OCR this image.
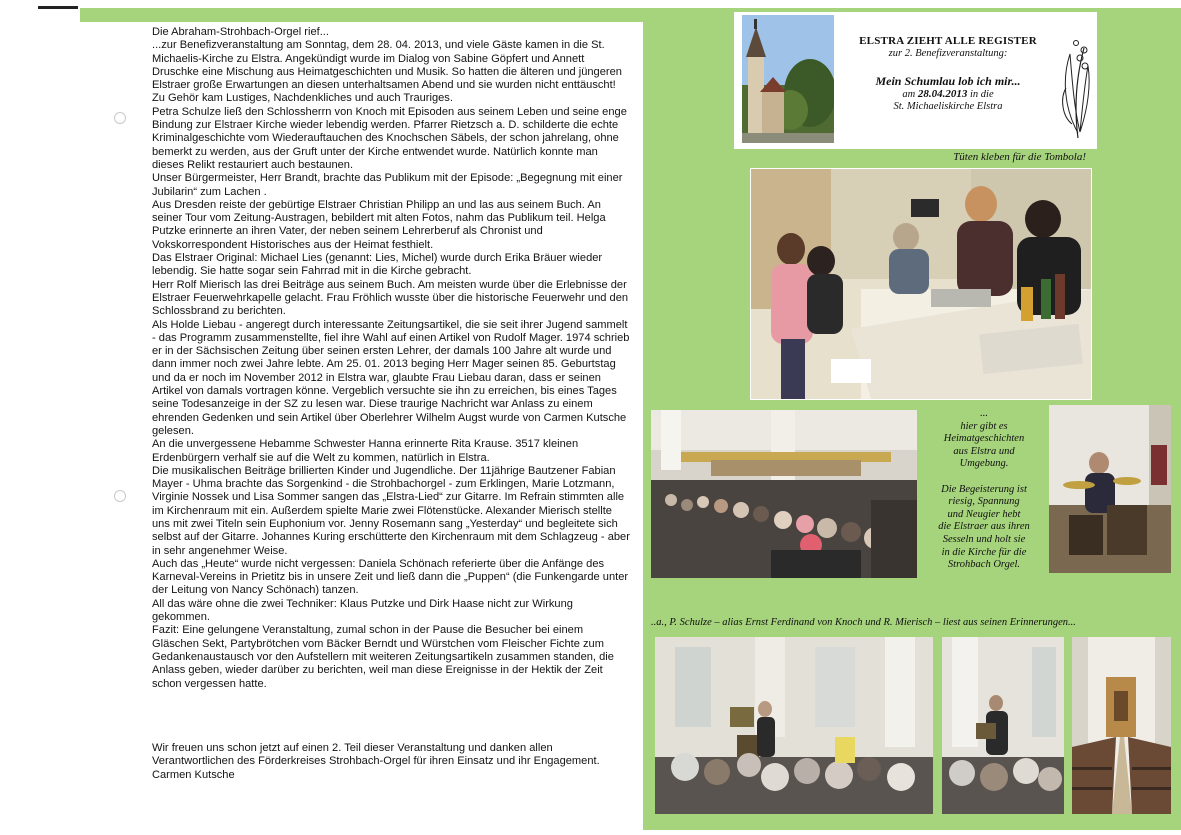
Die Abraham-Strohbach-Orgel rief...

...zur Benefizveranstaltung am Sonntag, dem 28. 04. 2013, und viele Gäste kamen in die St. Michaelis-Kirche zu Elstra. Angekündigt wurde im Dialog von Sabine Göpfert und Annett Druschke eine Mischung aus Heimatgeschichten und Musik. So hatten die älteren und jüngeren Elstraer große Erwartungen an diesen unterhaltsamen Abend und sie wurden nicht enttäuscht!

Zu Gehör kam Lustiges, Nachdenkliches und auch Trauriges.

Petra Schulze ließ den Schlossherrn von Knoch mit Episoden aus seinem Leben und seine enge Bindung zur Elstraer Kirche wieder lebendig werden. Pfarrer Rietzsch a. D. schilderte die echte Kriminalgeschichte vom Wiederauftauchen des Knochschen Säbels, der schon jahrelang, ohne bemerkt zu werden, aus der Gruft unter der Kirche entwendet wurde. Natürlich konnte man dieses Relikt restauriert auch bestaunen.

Unser Bürgermeister, Herr Brandt, brachte das Publikum mit der Episode: „Begegnung mit einer Jubilarin“ zum Lachen .

Aus Dresden reiste der gebürtige Elstraer Christian Philipp an und las aus seinem Buch. An seiner Tour vom Zeitung-Austragen, bebildert mit alten Fotos, nahm das Publikum teil. Helga Putzke erinnerte an ihren Vater, der neben seinem Lehrerberuf als Chronist und Vokskorrespondent Historisches aus der Heimat festhielt.

Das Elstraer Original: Michael Lies (genannt: Lies, Michel) wurde durch Erika Bräuer wieder lebendig. Sie hatte sogar sein Fahrrad mit in die Kirche gebracht.

Herr Rolf Mierisch las drei Beiträge aus seinem Buch. Am meisten wurde über die Erlebnisse der Elstraer Feuerwehrkapelle gelacht. Frau Fröhlich wusste über die historische Feuerwehr und den Schlossbrand zu berichten.

Als Holde Liebau - angeregt durch interessante Zeitungsartikel, die sie seit ihrer Jugend sammelt - das Programm zusammenstellte, fiel ihre Wahl auf einen Artikel von Rudolf Mager. 1974 schrieb er in der Sächsischen Zeitung über seinen ersten Lehrer, der damals 100 Jahre alt wurde und dann immer noch zwei Jahre lebte. Am 25. 01. 2013 beging Herr Mager seinen 85. Geburtstag und da er noch im November 2012 in Elstra war, glaubte Frau Liebau daran, dass er seinen Artikel von damals vortragen könne. Vergeblich versuchte sie ihn zu erreichen, bis eines Tages seine Todesanzeige in der SZ zu lesen war. Diese traurige Nachricht war Anlass zu einem ehrenden Gedenken und sein Artikel über Oberlehrer Wilhelm Augst wurde von Carmen Kutsche gelesen.

An die unvergessene Hebamme Schwester Hanna erinnerte Rita Krause. 3517 kleinen Erdenbürgern verhalf sie auf die Welt zu kommen, natürlich in Elstra.

Die musikalischen Beiträge brillierten Kinder und Jugendliche. Der 11jährige Bautzener Fabian Mayer - Uhma brachte das Sorgenkind - die Strohbachorgel - zum Erklingen, Marie Lotzmann, Virginie Nossek und Lisa Sommer sangen das „Elstra-Lied“ zur Gitarre. Im Refrain stimmten alle im Kirchenraum mit ein. Außerdem spielte Marie zwei Flötenstücke. Alexander Mierisch stellte uns mit zwei Titeln sein Euphonium vor. Jenny Rosemann sang „Yesterday“ und begleitete sich selbst auf der Gitarre. Johannes Kuring erschütterte den Kirchenraum mit dem Schlagzeug - aber in sehr angenehmer Weise.

Auch das „Heute“ wurde nicht vergessen: Daniela Schönach referierte über die Anfänge des Karneval-Vereins in Prietitz bis in unsere Zeit und ließ dann die „Puppen“ (die Funkengarde unter der Leitung von Nancy Schönach) tanzen.

All das wäre ohne die zwei Techniker: Klaus Putzke und Dirk Haase nicht zur Wirkung gekommen.

Fazit: Eine gelungene Veranstaltung, zumal schon in der Pause die Besucher bei einem Gläschen Sekt, Partybrötchen vom Bäcker Berndt und Würstchen vom Fleischer Fichte zum Gedankenaustausch vor den Aufstellern mit weiteren Zeitungsartikeln zusammen standen, die Anlass geben, wieder darüber zu berichten, weil man diese Ereignisse in der Hektik der Zeit schon vergessen hatte.

Wir freuen uns schon jetzt auf einen 2. Teil dieser Veranstaltung und danken allen Verantwortlichen des Förderkreises Strohbach-Orgel für ihren Einsatz und ihr Engagement.

Carmen Kutsche

ELSTRA ZIEHT ALLE REGISTER
zur 2. Benefizveranstaltung:
Mein Schumlau lob ich mir...
am 28.04.2013 in die
St. Michaeliskirche Elstra
Tüten kleben für die Tombola!

...

hier gibt es

Heimatgeschichten

aus Elstra und

Umgebung.

Die Begeisterung ist

riesig, Spannung

und Neugier hebt

die Elstraer aus ihren

Sesseln und holt sie

in die Kirche für die

Strohbach Orgel.

..a., P. Schulze – alias Ernst Ferdinand von Knoch und R. Mierisch – liest aus seinen Erinnerungen...
